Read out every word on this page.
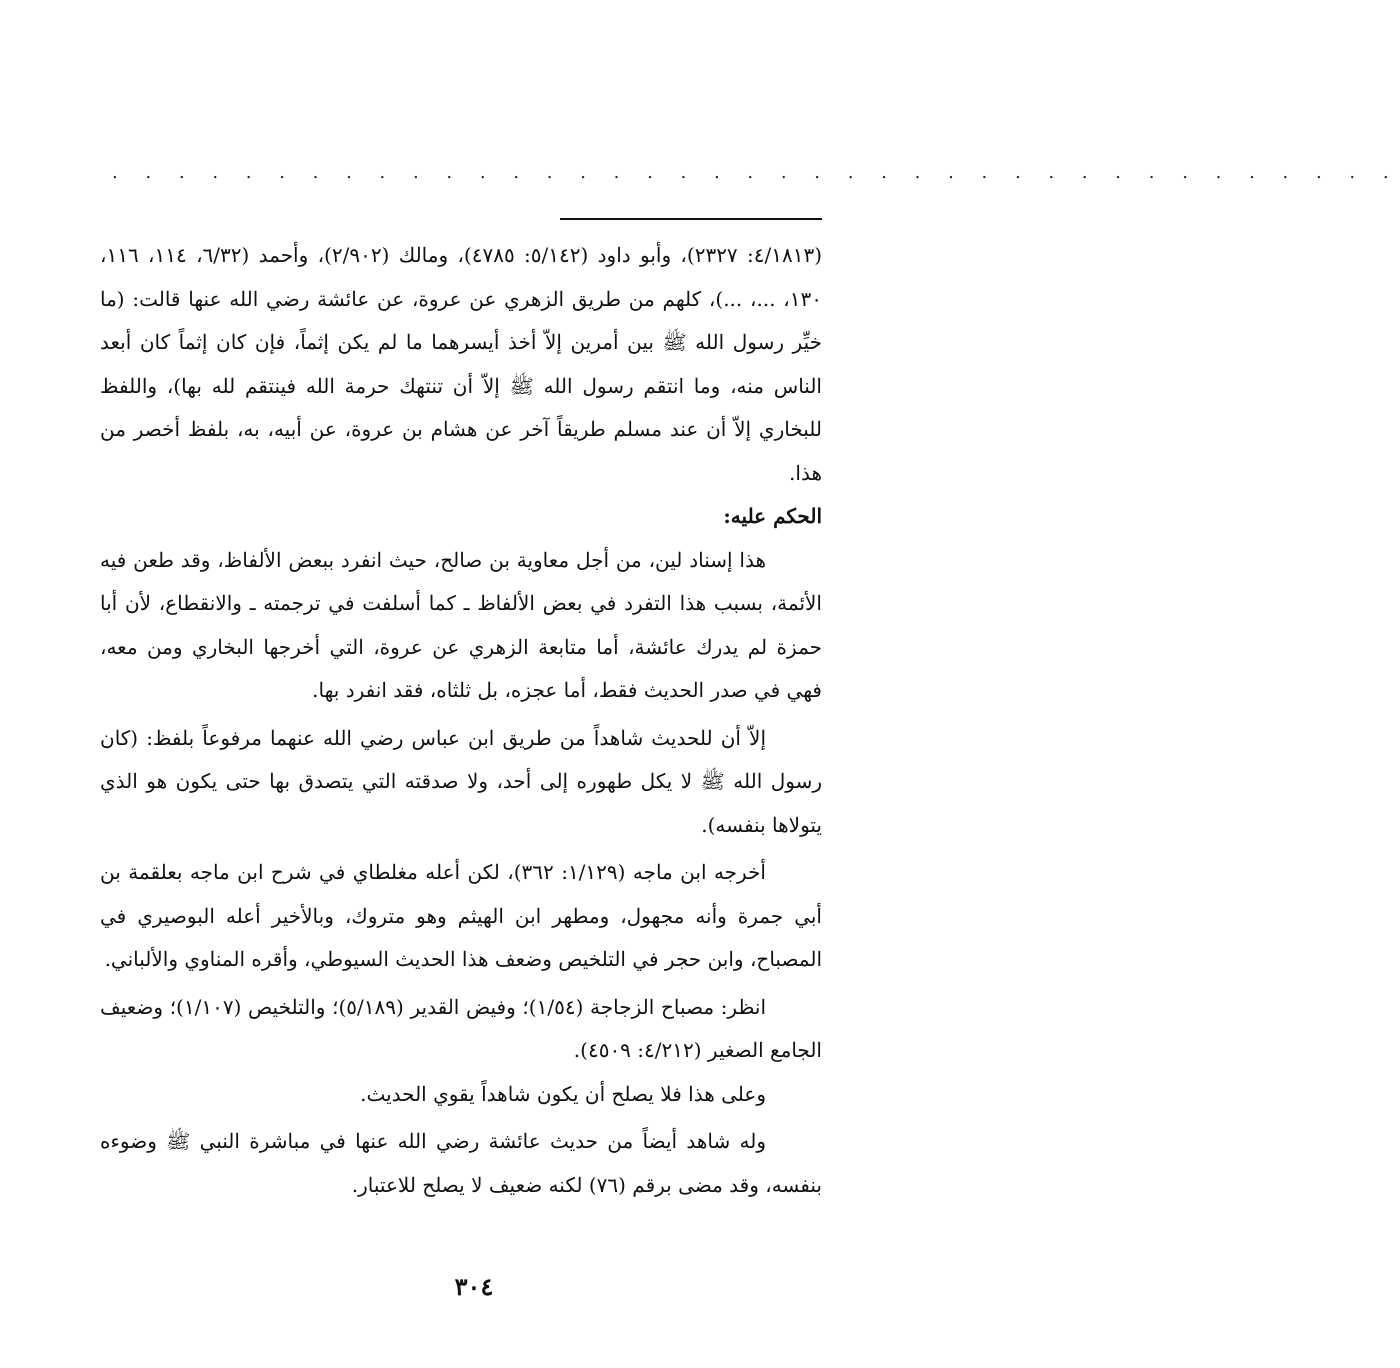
. . . . . . . . . . . . . . . . . . . . . . . . . . . . . . . . . . . . . . .

(٤/١٨١٣: ٢٣٢٧)، وأبو داود (٥/١٤٢: ٤٧٨٥)، ومالك (٢/٩٠٢)، وأحمد (٦/٣٢، ١١٤، ١١٦، ١٣٠، ...، ...)، كلهم من طريق الزهري عن عروة، عن عائشة رضي الله عنها قالت: (ما خيِّر رسول الله ﷺ بين أمرين إلاّ أخذ أيسرهما ما لم يكن إثماً، فإن كان إثماً كان أبعد الناس منه، وما انتقم رسول الله ﷺ إلاّ أن تنتهك حرمة الله فينتقم لله بها)، واللفظ للبخاري إلاّ أن عند مسلم طريقاً آخر عن هشام بن عروة، عن أبيه، به، بلفظ أخصر من هذا.

الحكم عليه:

هذا إسناد لين، من أجل معاوية بن صالح، حيث انفرد ببعض الألفاظ، وقد طعن فيه الأئمة، بسبب هذا التفرد في بعض الألفاظ ـ كما أسلفت في ترجمته ـ والانقطاع، لأن أبا حمزة لم يدرك عائشة، أما متابعة الزهري عن عروة، التي أخرجها البخاري ومن معه، فهي في صدر الحديث فقط، أما عجزه، بل ثلثاه، فقد انفرد بها.

إلاّ أن للحديث شاهداً من طريق ابن عباس رضي الله عنهما مرفوعاً بلفظ: (كان رسول الله ﷺ لا يكل طهوره إلى أحد، ولا صدقته التي يتصدق بها حتى يكون هو الذي يتولاها بنفسه).

أخرجه ابن ماجه (١/١٢٩: ٣٦٢)، لكن أعله مغلطاي في شرح ابن ماجه بعلقمة بن أبي جمرة وأنه مجهول، ومطهر ابن الهيثم وهو متروك، وبالأخير أعله البوصيري في المصباح، وابن حجر في التلخيص وضعف هذا الحديث السيوطي، وأقره المناوي والألباني.

انظر: مصباح الزجاجة (١/٥٤)؛ وفيض القدير (٥/١٨٩)؛ والتلخيص (١/١٠٧)؛ وضعيف الجامع الصغير (٤/٢١٢: ٤٥٠٩).

وعلى هذا فلا يصلح أن يكون شاهداً يقوي الحديث.

وله شاهد أيضاً من حديث عائشة رضي الله عنها في مباشرة النبي ﷺ وضوءه بنفسه، وقد مضى برقم (٧٦) لكنه ضعيف لا يصلح للاعتبار.

٣٠٤
